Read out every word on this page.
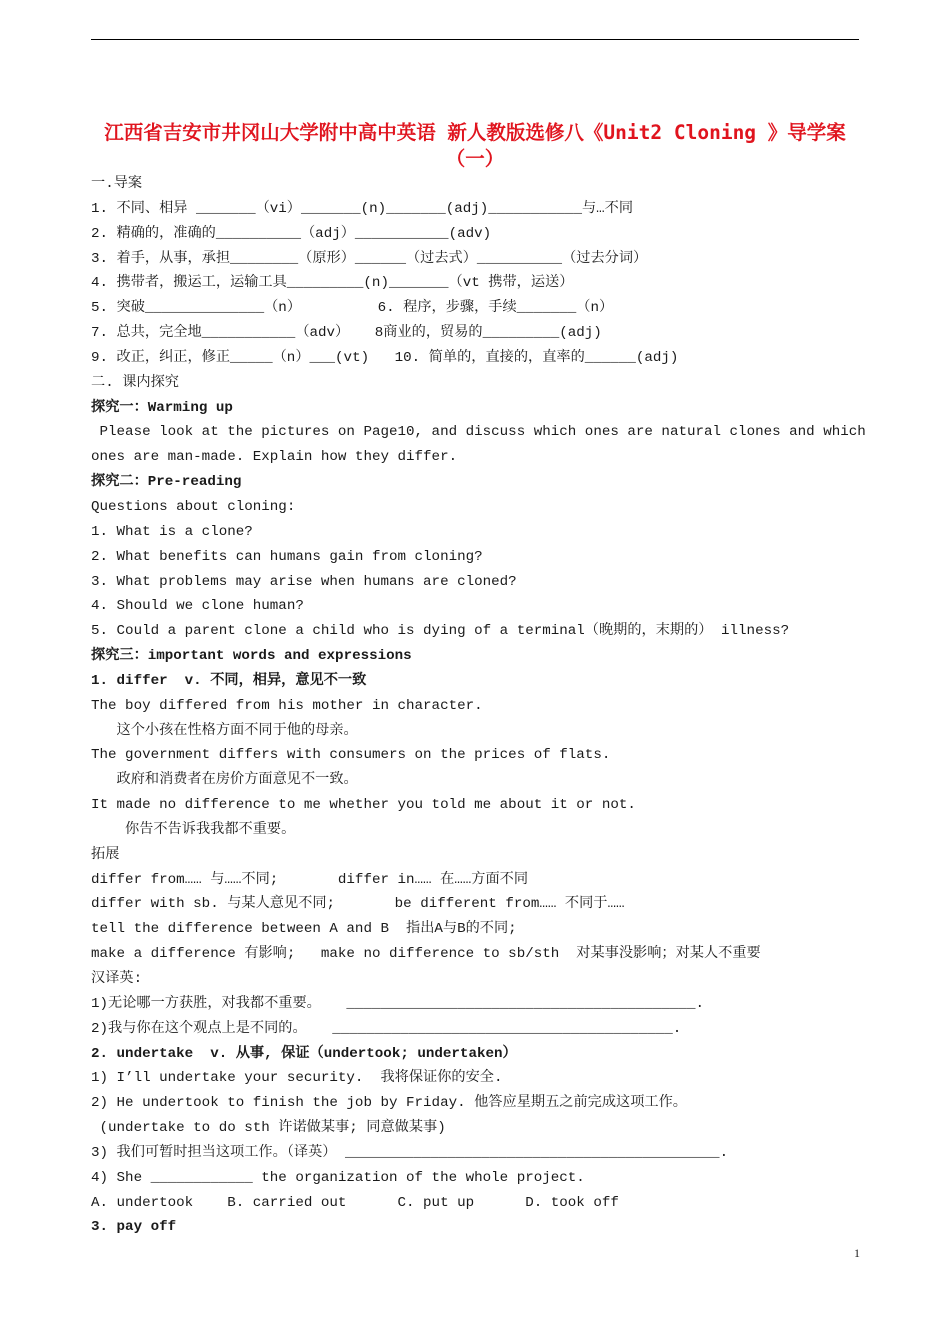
江西省吉安市井冈山大学附中高中英语 新人教版选修八《Unit2 Cloning 》导学案（一）
一.导案
1. 不同、相异 _______（vi）_______(n)_______(adj)___________与…不同
2. 精确的，准确的__________（adj）___________(adv)
3. 着手，从事，承担________（原形）______（过去式）__________（过去分词）
4. 携带者，搬运工，运输工具_________(n)_______（vt 携带，运送）
5. 突破______________（n）         6. 程序，步骤，手续_______（n）
7. 总共，完全地___________（adv）   8商业的，贸易的_________(adj)
9. 改正，纠正，修正_____（n）___(vt)   10. 简单的，直接的，直率的______(adj)
二. 课内探究
探究一：Warming up
Please look at the pictures on Page10, and discuss which ones are natural clones and which
ones are man-made. Explain how they differ.
探究二：Pre-reading
Questions about cloning:
1. What is a clone?
2. What benefits can humans gain from cloning?
3. What problems may arise when humans are cloned?
4. Should we clone human?
5. Could a parent clone a child who is dying of a terminal（晚期的，末期的） illness?
探究三：important words and expressions
1. differ  v. 不同，相异，意见不一致
The boy differed from his mother in character.
这个小孩在性格方面不同于他的母亲。
The government differs with consumers on the prices of flats.
政府和消费者在房价方面意见不一致。
It made no difference to me whether you told me about it or not.
你告不告诉我我都不重要。
拓展
differ from…… 与……不同;       differ in…… 在……方面不同
differ with sb. 与某人意见不同;       be different from…… 不同于……
tell the difference between A and B  指出A与B的不同;
make a difference 有影响;   make no difference to sb/sth  对某事没影响；对某人不重要
汉译英:
1)无论哪一方获胜，对我都不重要。   _________________________________________.
2)我与你在这个观点上是不同的。   ________________________________________.
2. undertake  v. 从事, 保证（undertook; undertaken）
1) I’ll undertake your security.  我将保证你的安全.
2) He undertook to finish the job by Friday. 他答应星期五之前完成这项工作。
(undertake to do sth 许诺做某事; 同意做某事)
3) 我们可暂时担当这项工作。（译英） ____________________________________________.
4) She ____________ the organization of the whole project.
A. undertook    B. carried out      C. put up      D. took off
3. pay off
1
